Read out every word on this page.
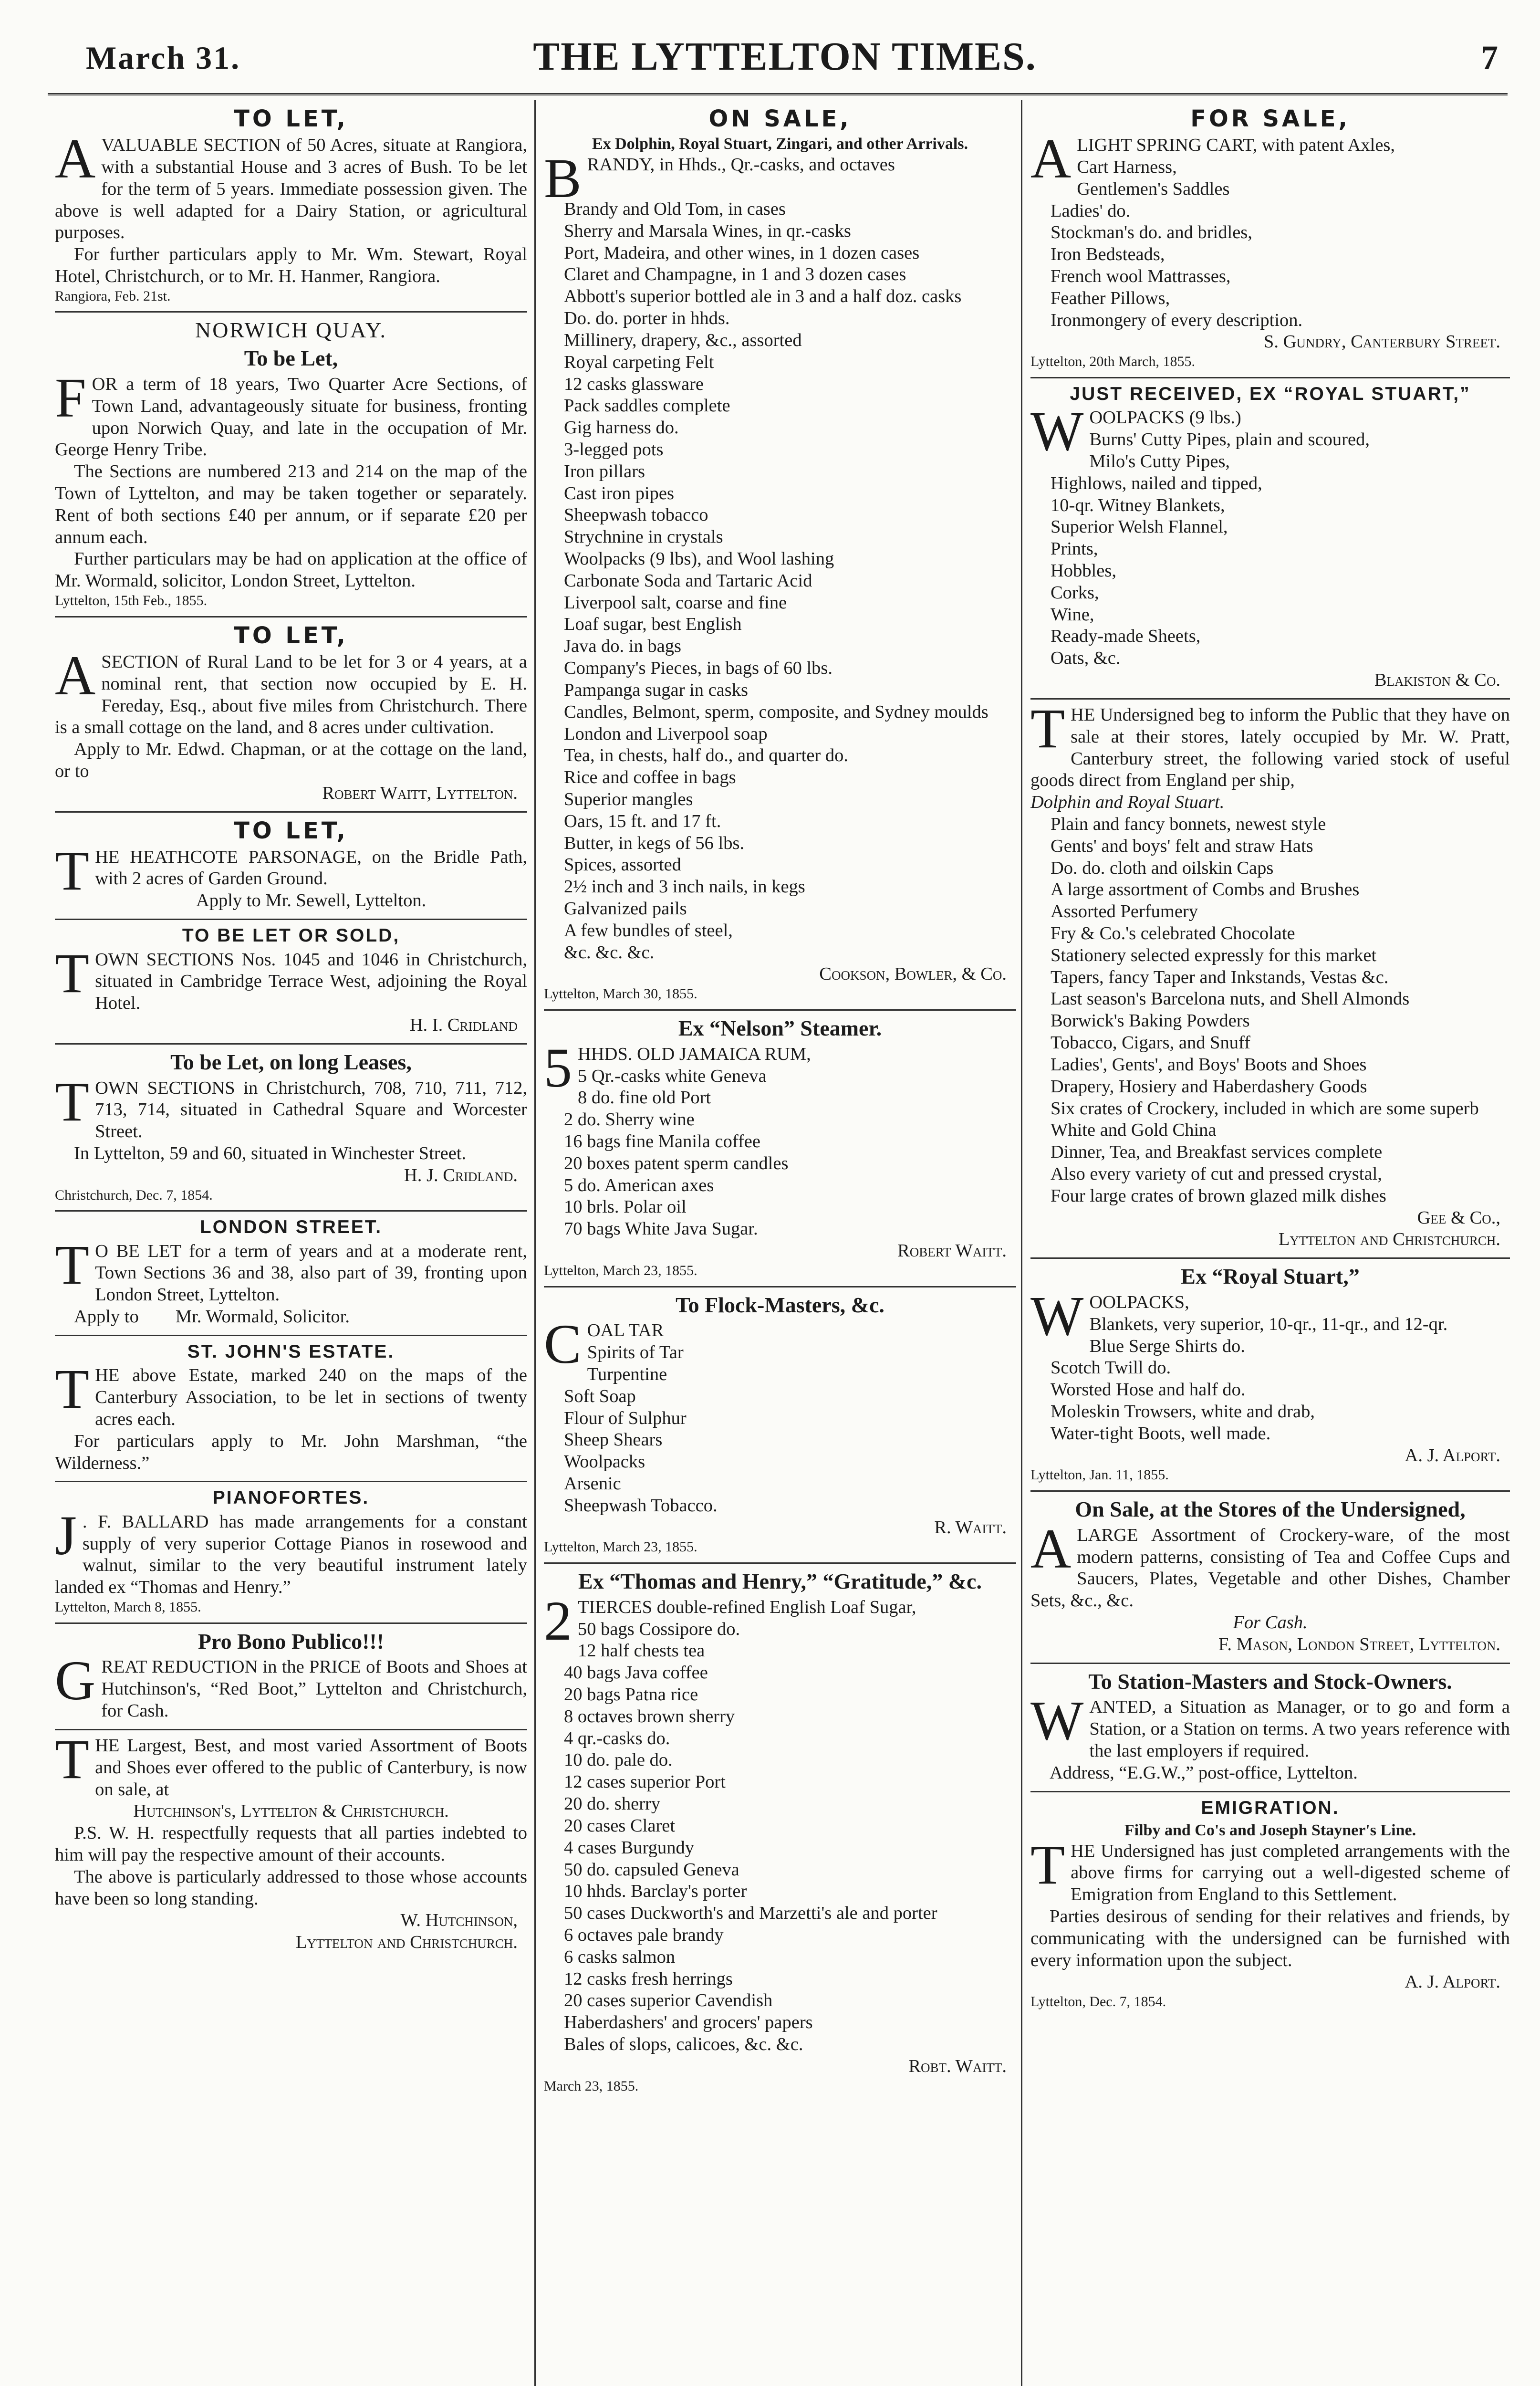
March 31.	THE LYTTELTON TIMES.	7
TO LET,

AVALUABLE SECTION of 50 Acres, situate at Rangiora, with a substantial House and 3 acres of Bush. To be let for the term of 5 years. Immediate possession given. The above is well adapted for a Dairy Station, or agricultural purposes.

For further particulars apply to Mr. Wm. Stewart, Royal Hotel, Christchurch, or to Mr. H. Hanmer, Rangiora.

Rangiora, Feb. 21st.

NORWICH QUAY.
To be Let,

FOR a term of 18 years, Two Quarter Acre Sections, of Town Land, advantageously situate for business, fronting upon Norwich Quay, and late in the occupation of Mr. George Henry Tribe.

The Sections are numbered 213 and 214 on the map of the Town of Lyttelton, and may be taken together or separately. Rent of both sections £40 per annum, or if separate £20 per annum each.

Further particulars may be had on application at the office of Mr. Wormald, solicitor, London Street, Lyttelton.

Lyttelton, 15th Feb., 1855.

TO LET,

ASECTION of Rural Land to be let for 3 or 4 years, at a nominal rent, that section now occupied by E. H. Fereday, Esq., about five miles from Christchurch. There is a small cottage on the land, and 8 acres under cultivation.

Apply to Mr. Edwd. Chapman, or at the cottage on the land, or to

Robert Waitt, Lyttelton.

TO LET,

THE HEATHCOTE PARSONAGE, on the Bridle Path, with 2 acres of Garden Ground.

Apply to Mr. Sewell, Lyttelton.

TO BE LET OR SOLD,

TOWN SECTIONS Nos. 1045 and 1046 in Christchurch, situated in Cambridge Terrace West, adjoining the Royal Hotel.

H. I. Cridland

To be Let, on long Leases,

TOWN SECTIONS in Christchurch, 708, 710, 711, 712, 713, 714, situated in Cathedral Square and Worcester Street.

In Lyttelton, 59 and 60, situated in Winchester Street.

H. J. Cridland.

Christchurch, Dec. 7, 1854.

LONDON STREET.

T O BE LET for a term of years and at a moderate rent, Town Sections 36 and 38, also part of 39, fronting upon London Street, Lyttelton.

Apply to        Mr. Wormald, Solicitor.

ST. JOHN'S ESTATE.

THE above Estate, marked 240 on the maps of the Canterbury Association, to be let in sections of twenty acres each.

For particulars apply to Mr. John Marshman, “the Wilderness.”

PIANOFORTES.

J . F. BALLARD has made arrangements for a constant supply of very superior Cottage Pianos in rosewood and walnut, similar to the very beautiful instrument lately landed ex “Thomas and Henry.”

Lyttelton, March 8, 1855.

Pro Bono Publico!!!

GREAT REDUCTION in the PRICE of Boots and Shoes at Hutchinson's, “Red Boot,” Lyttelton and Christchurch, for Cash.

THE Largest, Best, and most varied Assortment of Boots and Shoes ever offered to the public of Canterbury, is now on sale, at

Hutchinson's, Lyttelton & Christchurch.

P.S. W. H. respectfully requests that all parties indebted to him will pay the respective amount of their accounts.

The above is particularly addressed to those whose accounts have been so long standing.

W. Hutchinson,

Lyttelton and Christchurch.

ON SALE,
Ex Dolphin, Royal Stuart, Zingari, and other Arrivals.

BRANDY, in Hhds., Qr.-casks, and octaves

Brandy and Old Tom, in cases

Sherry and Marsala Wines, in qr.-casks

Port, Madeira, and other wines, in 1 dozen cases

Claret and Champagne, in 1 and 3 dozen cases

Abbott's superior bottled ale in 3 and a half doz. casks

Do. do. porter in hhds.

Millinery, drapery, &c., assorted

Royal carpeting Felt

12 casks glassware

Pack saddles complete

Gig harness do.

3-legged pots

Iron pillars

Cast iron pipes

Sheepwash tobacco

Strychnine in crystals

Woolpacks (9 lbs), and Wool lashing

Carbonate Soda and Tartaric Acid

Liverpool salt, coarse and fine

Loaf sugar, best English

Java do. in bags

Company's Pieces, in bags of 60 lbs.

Pampanga sugar in casks

Candles, Belmont, sperm, composite, and Sydney moulds

London and Liverpool soap

Tea, in chests, half do., and quarter do.

Rice and coffee in bags

Superior mangles

Oars, 15 ft. and 17 ft.

Butter, in kegs of 56 lbs.

Spices, assorted

2½ inch and 3 inch nails, in kegs

Galvanized pails

A few bundles of steel,

&c. &c. &c.

Cookson, Bowler, & Co.

Lyttelton, March 30, 1855.

Ex “Nelson” Steamer.

5 HHDS. OLD JAMAICA RUM,

5 Qr.-casks white Geneva

8 do. fine old Port

2 do. Sherry wine

16 bags fine Manila coffee

20 boxes patent sperm candles

5 do. American axes

10 brls. Polar oil

70 bags White Java Sugar.

Robert Waitt.

Lyttelton, March 23, 1855.

To Flock-Masters, &c.

COAL TAR

Spirits of Tar

Turpentine

Soft Soap

Flour of Sulphur

Sheep Shears

Woolpacks

Arsenic

Sheepwash Tobacco.

R. Waitt.

Lyttelton, March 23, 1855.

Ex “Thomas and Henry,” “Gratitude,” &c.

2 TIERCES double-refined English Loaf Sugar,

50 bags Cossipore do.

12 half chests tea

40 bags Java coffee

20 bags Patna rice

8 octaves brown sherry

4 qr.-casks do.

10 do. pale do.

12 cases superior Port

20 do. sherry

20 cases Claret

4 cases Burgundy

50 do. capsuled Geneva

10 hhds. Barclay's porter

50 cases Duckworth's and Marzetti's ale and porter

6 octaves pale brandy

6 casks salmon

12 casks fresh herrings

20 cases superior Cavendish

Haberdashers' and grocers' papers

Bales of slops, calicoes, &c. &c.

Robt. Waitt.

March 23, 1855.

FOR SALE,

ALIGHT SPRING CART, with patent Axles,

Cart Harness,

Gentlemen's Saddles

Ladies' do.

Stockman's do. and bridles,

Iron Bedsteads,

French wool Mattrasses,

Feather Pillows,

Ironmongery of every description.

S. Gundry, Canterbury Street.

Lyttelton, 20th March, 1855.

JUST RECEIVED, EX “ROYAL STUART,”

WOOLPACKS (9 lbs.)

Burns' Cutty Pipes, plain and scoured,

Milo's Cutty Pipes,

Highlows, nailed and tipped,

10-qr. Witney Blankets,

Superior Welsh Flannel,

Prints,

Hobbles,

Corks,

Wine,

Ready-made Sheets,

Oats, &c.

Blakiston & Co.

THE Undersigned beg to inform the Public that they have on sale at their stores, lately occupied by Mr. W. Pratt, Canterbury street, the following varied stock of useful goods direct from England per ship,

Dolphin and Royal Stuart.

Plain and fancy bonnets, newest style

Gents' and boys' felt and straw Hats

Do. do. cloth and oilskin Caps

A large assortment of Combs and Brushes

Assorted Perfumery

Fry & Co.'s celebrated Chocolate

Stationery selected expressly for this market

Tapers, fancy Taper and Inkstands, Vestas &c.

Last season's Barcelona nuts, and Shell Almonds

Borwick's Baking Powders

Tobacco, Cigars, and Snuff

Ladies', Gents', and Boys' Boots and Shoes

Drapery, Hosiery and Haberdashery Goods

Six crates of Crockery, included in which are some superb White and Gold China

Dinner, Tea, and Breakfast services complete

Also every variety of cut and pressed crystal,

Four large crates of brown glazed milk dishes

Gee & Co.,

Lyttelton and Christchurch.

Ex “Royal Stuart,”

WOOLPACKS,

Blankets, very superior, 10-qr., 11-qr., and 12-qr.

Blue Serge Shirts do.

Scotch Twill do.

Worsted Hose and half do.

Moleskin Trowsers, white and drab,

Water-tight Boots, well made.

A. J. Alport.

Lyttelton, Jan. 11, 1855.

On Sale, at the Stores of the Undersigned,

ALARGE Assortment of Crockery-ware, of the most modern patterns, consisting of Tea and Coffee Cups and Saucers, Plates, Vegetable and other Dishes, Chamber Sets, &c., &c.

For Cash.

F. Mason, London Street, Lyttelton.

To Station-Masters and Stock-Owners.

WANTED, a Situation as Manager, or to go and form a Station, or a Station on terms. A two years reference with the last employers if required.

Address, “E.G.W.,” post-office, Lyttelton.

EMIGRATION.
Filby and Co's and Joseph Stayner's Line.

THE Undersigned has just completed arrangements with the above firms for carrying out a well-digested scheme of Emigration from England to this Settlement.

Parties desirous of sending for their relatives and friends, by communicating with the undersigned can be furnished with every information upon the subject.

A. J. Alport.

Lyttelton, Dec. 7, 1854.
